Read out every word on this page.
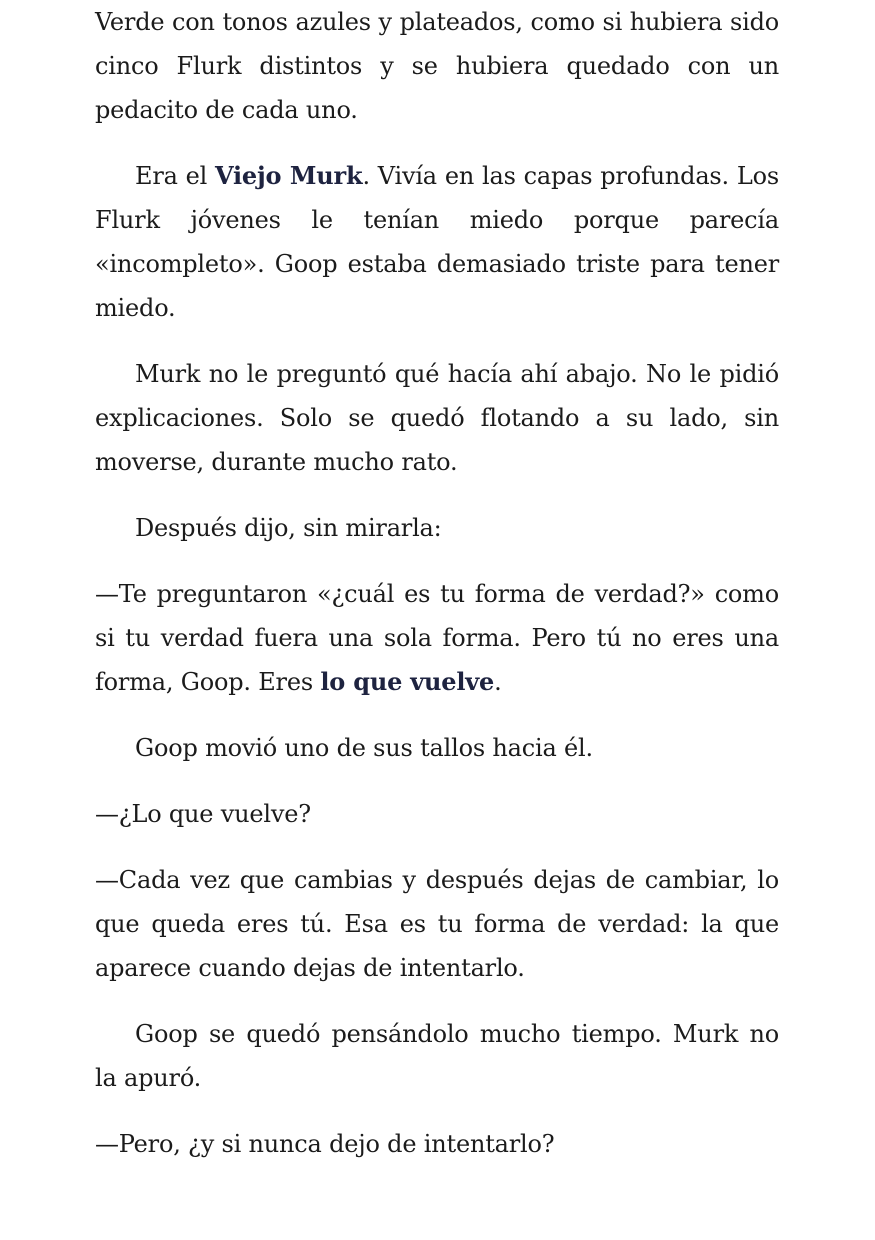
Verde con tonos azules y plateados, como si hubiera sido cinco Flurk distintos y se hubiera quedado con un pedacito de cada uno.

Era el Viejo Murk. Vivía en las capas profundas. Los Flurk jóvenes le tenían miedo porque parecía «incompleto». Goop estaba demasiado triste para tener miedo.

Murk no le preguntó qué hacía ahí abajo. No le pidió explicaciones. Solo se quedó flotando a su lado, sin moverse, durante mucho rato.

Después dijo, sin mirarla:

—Te preguntaron «¿cuál es tu forma de verdad?» como si tu verdad fuera una sola forma. Pero tú no eres una forma, Goop. Eres lo que vuelve.

Goop movió uno de sus tallos hacia él.

—¿Lo que vuelve?

—Cada vez que cambias y después dejas de cambiar, lo que queda eres tú. Esa es tu forma de verdad: la que aparece cuando dejas de intentarlo.

Goop se quedó pensándolo mucho tiempo. Murk no la apuró.

—Pero, ¿y si nunca dejo de intentarlo?
